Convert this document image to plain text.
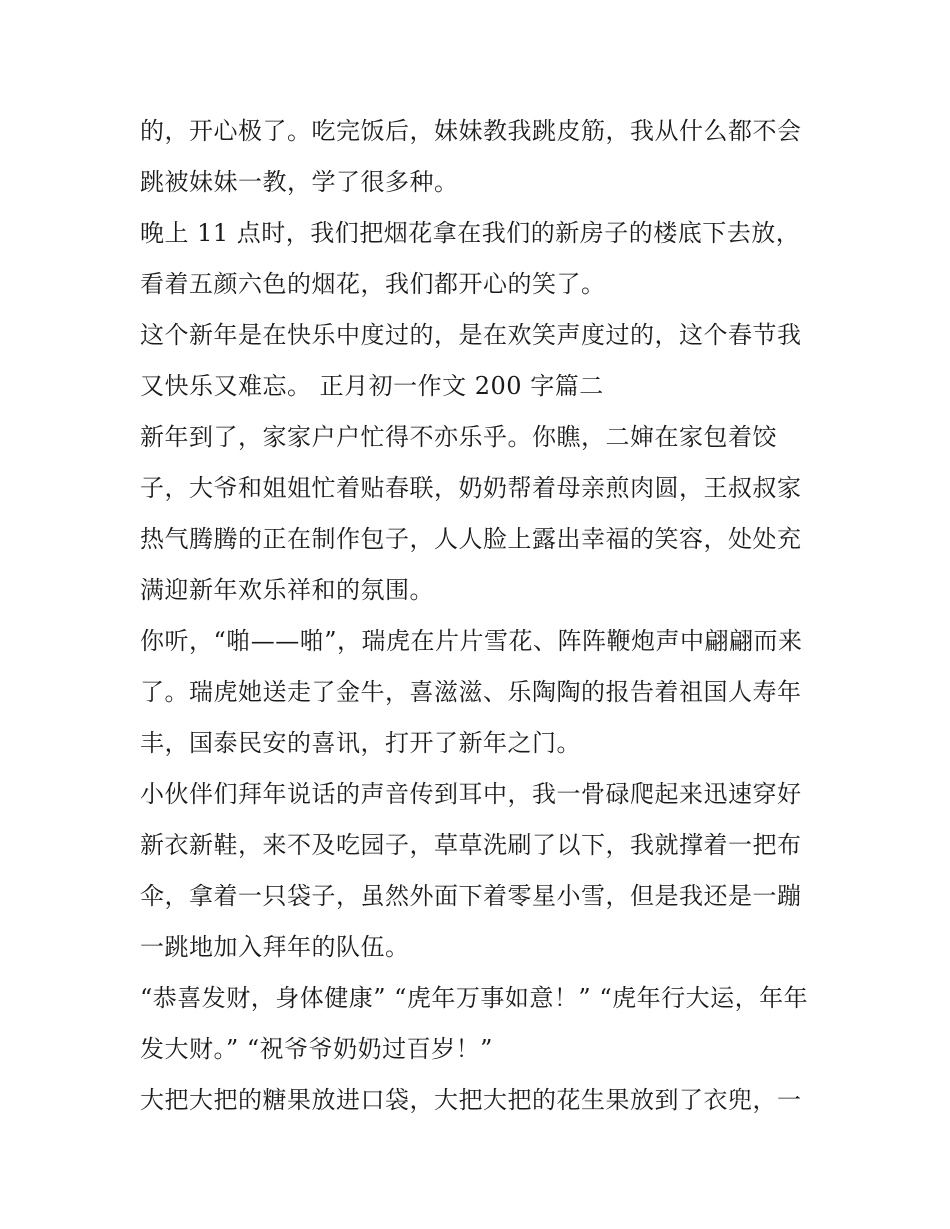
的，开心极了。吃完饭后，妹妹教我跳皮筋，我从什么都不会
跳被妹妹一教，学了很多种。
晚上 11 点时，我们把烟花拿在我们的新房子的楼底下去放，
看着五颜六色的烟花，我们都开心的笑了。
这个新年是在快乐中度过的，是在欢笑声度过的，这个春节我
又快乐又难忘。 正月初一作文 200 字篇二
新年到了，家家户户忙得不亦乐乎。你瞧，二婶在家包着饺
子，大爷和姐姐忙着贴春联，奶奶帮着母亲煎肉圆，王叔叔家
热气腾腾的正在制作包子，人人脸上露出幸福的笑容，处处充
满迎新年欢乐祥和的氛围。
你听，“啪——啪”，瑞虎在片片雪花、阵阵鞭炮声中翩翩而来
了。瑞虎她送走了金牛，喜滋滋、乐陶陶的报告着祖国人寿年
丰，国泰民安的喜讯，打开了新年之门。
小伙伴们拜年说话的声音传到耳中，我一骨碌爬起来迅速穿好
新衣新鞋，来不及吃园子，草草洗刷了以下，我就撑着一把布
伞，拿着一只袋子，虽然外面下着零星小雪，但是我还是一蹦
一跳地加入拜年的队伍。
“恭喜发财，身体健康” “虎年万事如意！” “虎年行大运，年年
发大财。” “祝爷爷奶奶过百岁！”
大把大把的糖果放进口袋，大把大把的花生果放到了衣兜，一
